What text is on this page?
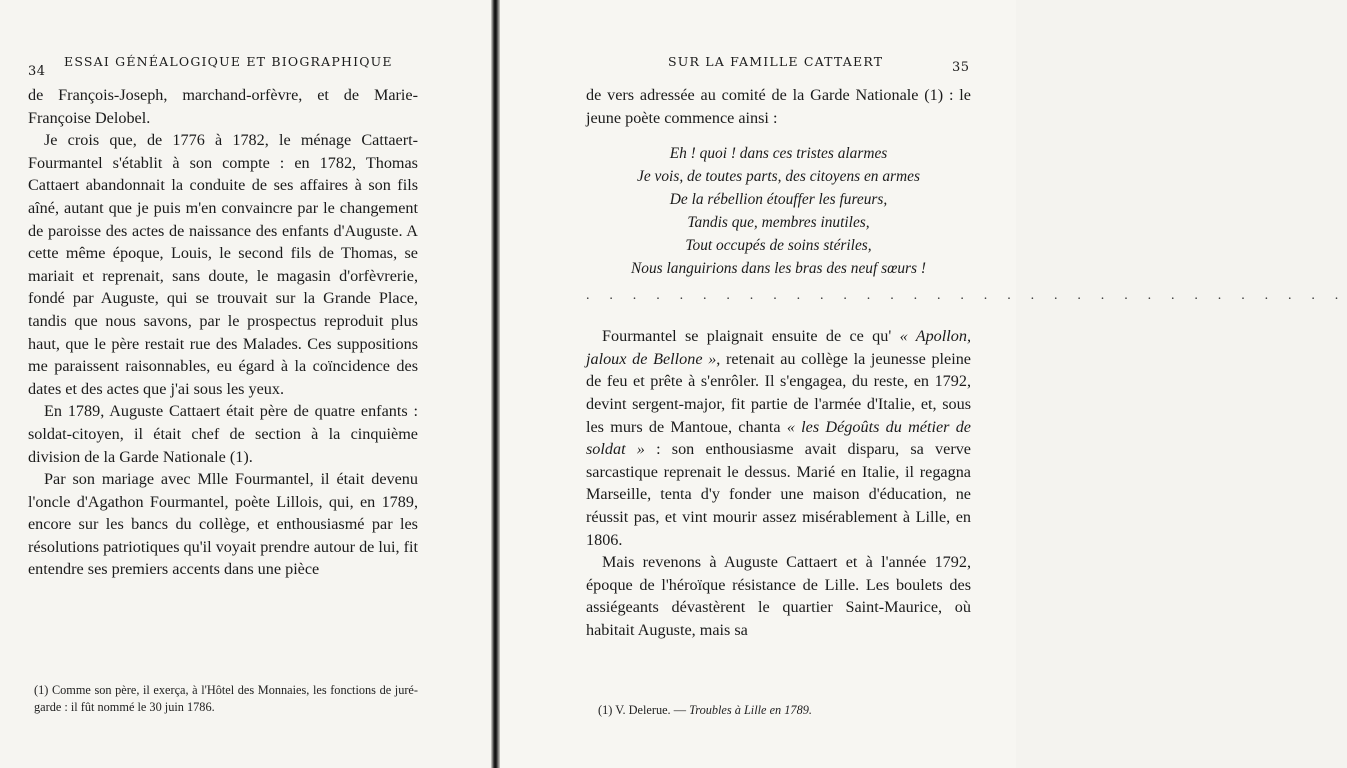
34
ESSAI GÉNÉALOGIQUE ET BIOGRAPHIQUE

de François-Joseph, marchand-orfèvre, et de Marie-Françoise Delobel.

Je crois que, de 1776 à 1782, le ménage Cattaert-Fourmantel s'établit à son compte : en 1782, Thomas Cattaert abandonnait la conduite de ses affaires à son fils aîné, autant que je puis m'en convaincre par le changement de paroisse des actes de naissance des enfants d'Auguste. A cette même époque, Louis, le second fils de Thomas, se mariait et reprenait, sans doute, le magasin d'orfèvrerie, fondé par Auguste, qui se trouvait sur la Grande Place, tandis que nous savons, par le prospectus reproduit plus haut, que le père restait rue des Malades. Ces suppositions me paraissent raisonnables, eu égard à la coïncidence des dates et des actes que j'ai sous les yeux.

En 1789, Auguste Cattaert était père de quatre enfants : soldat-citoyen, il était chef de section à la cinquième division de la Garde Nationale (1).

Par son mariage avec Mlle Fourmantel, il était devenu l'oncle d'Agathon Fourmantel, poète Lillois, qui, en 1789, encore sur les bancs du collège, et enthousiasmé par les résolutions patriotiques qu'il voyait prendre autour de lui, fit entendre ses premiers accents dans une pièce

(1) Comme son père, il exerça, à l'Hôtel des Monnaies, les fonctions de juré-garde : il fût nommé le 30 juin 1786.
SUR LA FAMILLE CATTAERT	35

de vers adressée au comité de la Garde Nationale (1) : le jeune poète commence ainsi :

Eh ! quoi ! dans ces tristes alarmes
Je vois, de toutes parts, des citoyens en armes
De la rébellion étouffer les fureurs,
Tandis que, membres inutiles,
Tout occupés de soins stériles,
Nous languirions dans les bras des neuf sœurs !
. . . . . . . . . . . . . . . . . . . . . . . . . . . . . . . . .

Fourmantel se plaignait ensuite de ce qu' « Apollon, jaloux de Bellone », retenait au collège la jeunesse pleine de feu et prête à s'enrôler. Il s'engagea, du reste, en 1792, devint sergent-major, fit partie de l'armée d'Italie, et, sous les murs de Mantoue, chanta « les Dégoûts du métier de soldat » : son enthousiasme avait disparu, sa verve sarcastique reprenait le dessus. Marié en Italie, il regagna Marseille, tenta d'y fonder une maison d'éducation, ne réussit pas, et vint mourir assez misérablement à Lille, en 1806.

Mais revenons à Auguste Cattaert et à l'année 1792, époque de l'héroïque résistance de Lille. Les boulets des assiégeants dévastèrent le quartier Saint-Maurice, où habitait Auguste, mais sa

(1) V. Delerue. — Troubles à Lille en 1789.
